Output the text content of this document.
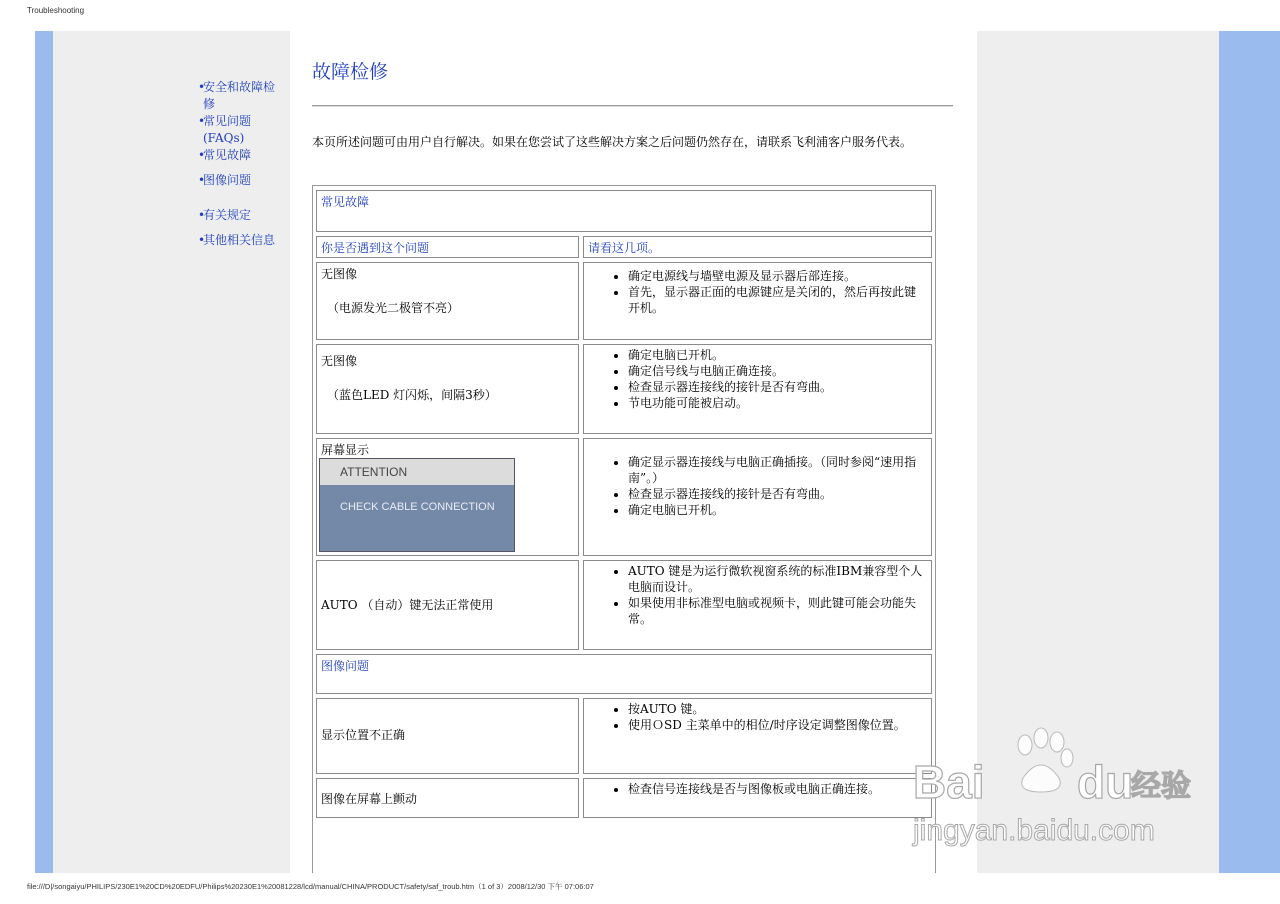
Troubleshooting
•安全和故障检
修
•常见问题
(FAQs)
•常见故障
•图像问题
•有关规定
•其他相关信息
故障检修

本页所述问题可由用户自行解决。如果在您尝试了这些解决方案之后问题仍然存在，请联系飞利浦客户服务代表。

常见故障
你是否遇到这个问题	请看这几项。
无图像
（电源发光二极管不亮）
• 确定电源线与墙壁电源及显示器后部连接。
• 首先，显示器正面的电源键应是关闭的，然后再按此键开机。
无图像
（蓝色LED 灯闪烁，间隔3秒）
• 确定电脑已开机。
• 确定信号线与电脑正确连接。
• 检查显示器连接线的接针是否有弯曲。
• 节电功能可能被启动。
屏幕显示
ATTENTION
CHECK CABLE CONNECTION
• 确定显示器连接线与电脑正确插接。（同时参阅“速用指南”。）
• 检查显示器连接线的接针是否有弯曲。
• 确定电脑已开机。
AUTO （自动）键无法正常使用
• AUTO 键是为运行微软视窗系统的标准IBM兼容型个人电脑而设计。
• 如果使用非标准型电脑或视频卡，则此键可能会功能失常。
图像问题
显示位置不正确
• 按AUTO 键。
• 使用ＯSD 主菜单中的相位/时序设定调整图像位置。
图像在屏幕上颤动
• 检查信号连接线是否与图像板或电脑正确连接。
file:///D|/songaiyu/PHILIPS/230E1%20CD%20EDFU/Philips%20230E1%20081228/lcd/manual/CHINA/PRODUCT/safety/saf_troub.htm（1 of 3）2008/12/30 下午 07:06:07
Bai du
经验
jingyan.baidu.com
